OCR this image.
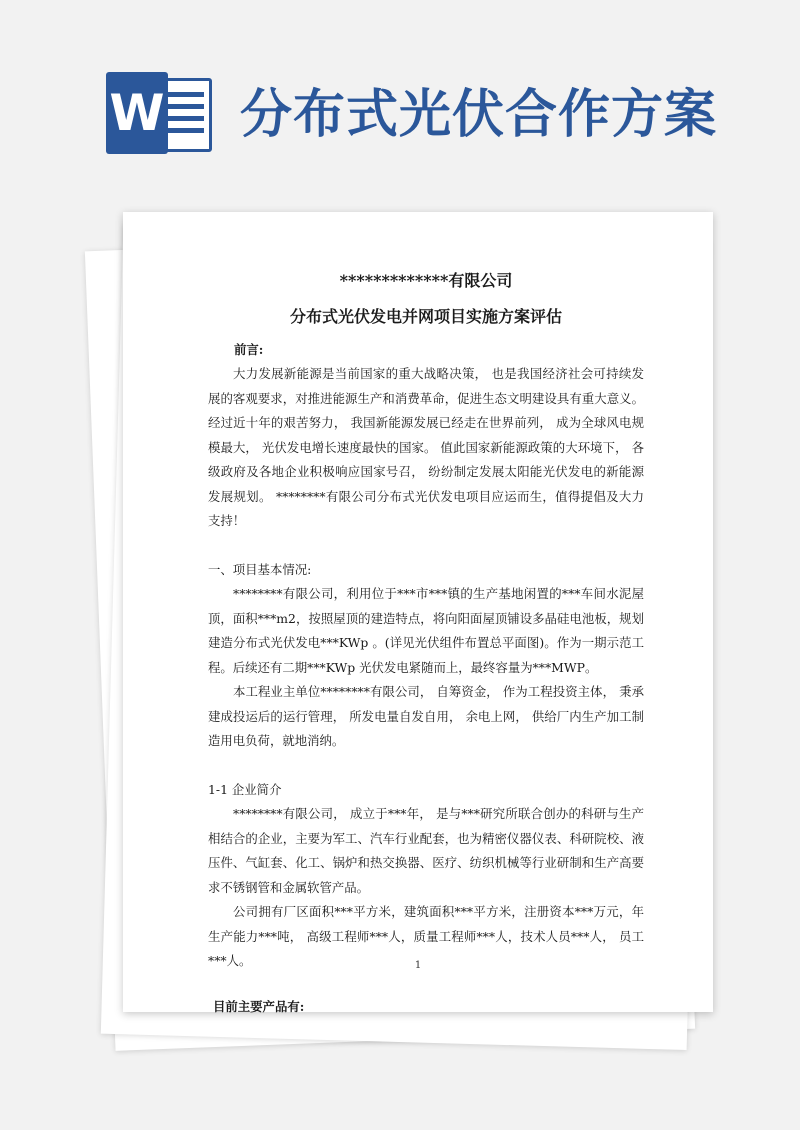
W 分布式光伏合作方案

*************有限公司

分布式光伏发电并网项目实施方案评估

前言:

大力发展新能源是当前国家的重大战略决策， 也是我国经济社会可持续发展的客观要求，对推进能源生产和消费革命，促进生态文明建设具有重大意义。经过近十年的艰苦努力， 我国新能源发展已经走在世界前列， 成为全球风电规模最大， 光伏发电增长速度最快的国家。 值此国家新能源政策的大环境下， 各级政府及各地企业积极响应国家号召， 纷纷制定发展太阳能光伏发电的新能源发展规划。 ********有限公司分布式光伏发电项目应运而生，值得提倡及大力支持！

一、项目基本情况:

********有限公司，利用位于***市***镇的生产基地闲置的***车间水泥屋顶，面积***m2，按照屋顶的建造特点，将向阳面屋顶铺设多晶硅电池板，规划建造分布式光伏发电***KWp 。(详见光伏组件布置总平面图)。作为一期示范工程。后续还有二期***KWp 光伏发电紧随而上，最终容量为***MWP。

本工程业主单位********有限公司， 自筹资金， 作为工程投资主体， 秉承建成投运后的运行管理， 所发电量自发自用， 余电上网， 供给厂内生产加工制造用电负荷，就地消纳。

1-1 企业简介

********有限公司， 成立于***年， 是与***研究所联合创办的科研与生产相结合的企业，主要为军工、汽车行业配套，也为精密仪器仪表、科研院校、液压件、气缸套、化工、锅炉和热交换器、医疗、纺织机械等行业研制和生产高要求不锈钢管和金属软管产品。

公司拥有厂区面积***平方米，建筑面积***平方米，注册资本***万元，年生产能力***吨， 高级工程师***人，质量工程师***人，技术人员***人， 员工***人。

目前主要产品有:

1
